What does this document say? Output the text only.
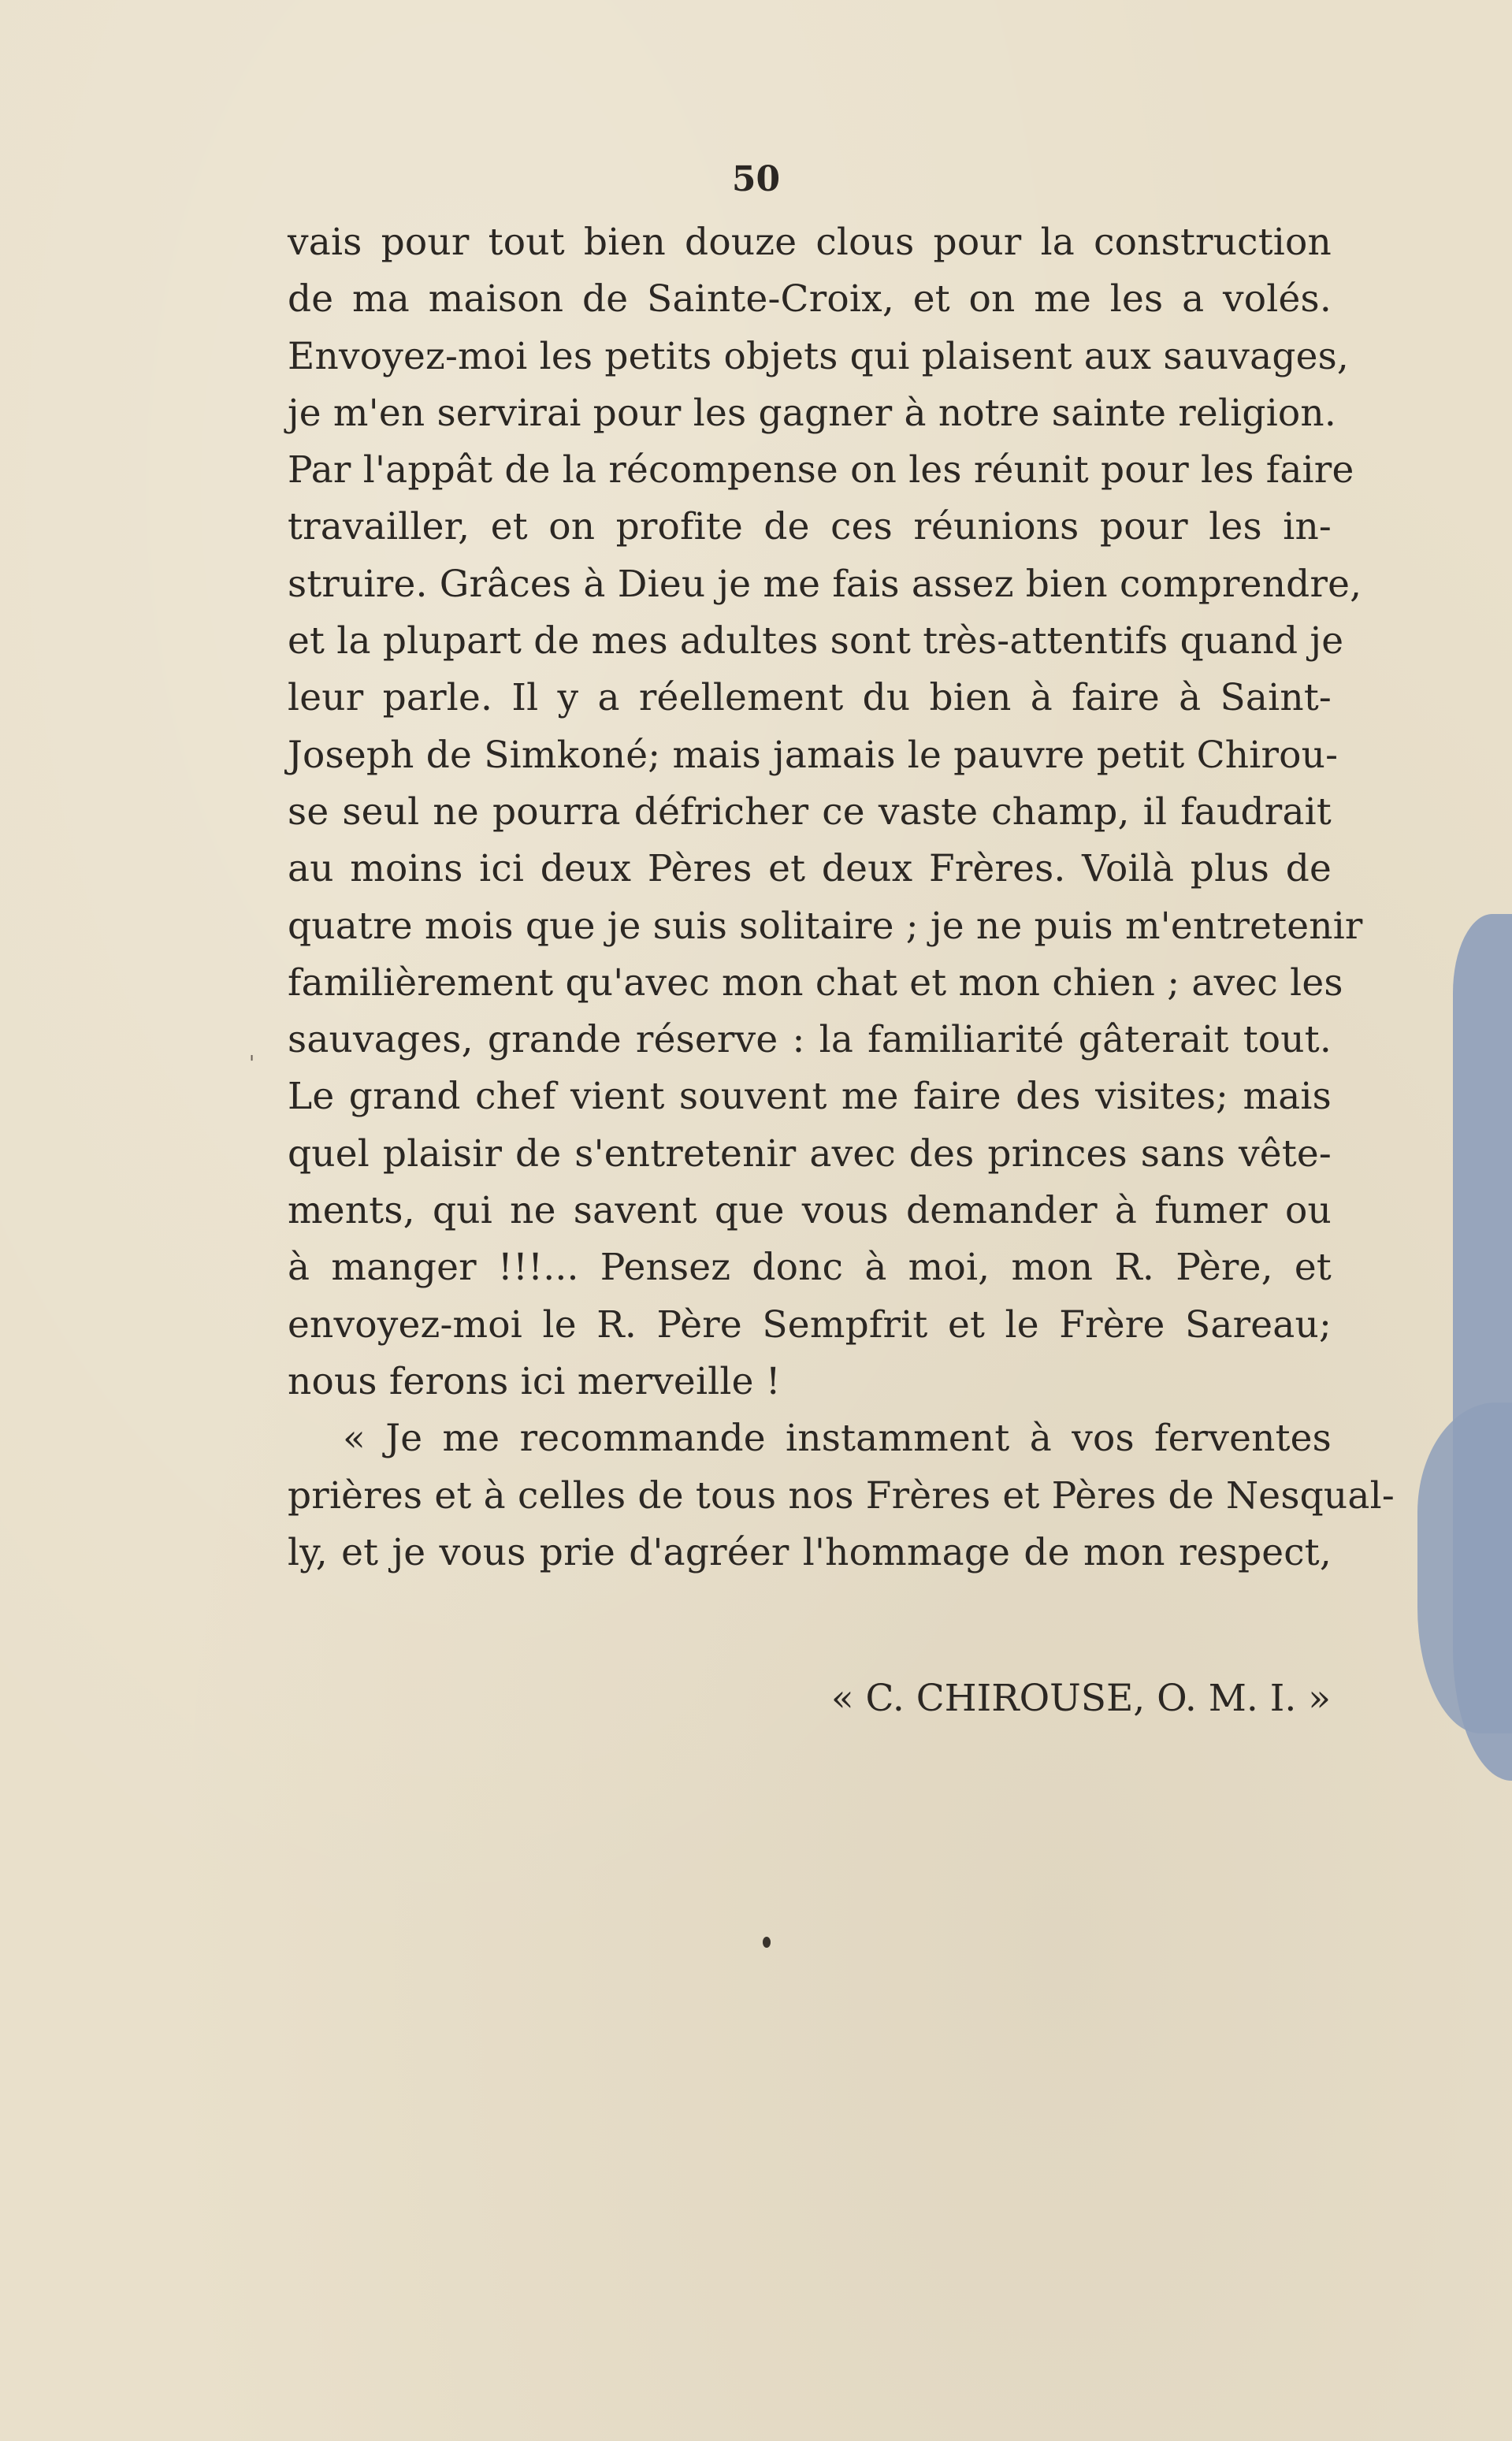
50
vais pour tout bien douze clous pour la construction
de ma maison de Sainte-Croix, et on me les a volés.
Envoyez-moi les petits objets qui plaisent aux sauvages,
je m'en servirai pour les gagner à notre sainte religion.
Par l'appât de la récompense on les réunit pour les faire
travailler, et on profite de ces réunions pour les in-
struire. Grâces à Dieu je me fais assez bien comprendre,
et la plupart de mes adultes sont très-attentifs quand je
leur parle. Il y a réellement du bien à faire à Saint-
Joseph de Simkoné; mais jamais le pauvre petit Chirou-
se seul ne pourra défricher ce vaste champ, il faudrait
au moins ici deux Pères et deux Frères. Voilà plus de
quatre mois que je suis solitaire ; je ne puis m'entretenir
familièrement qu'avec mon chat et mon chien ; avec les
sauvages, grande réserve : la familiarité gâterait tout.
Le grand chef vient souvent me faire des visites; mais
quel plaisir de s'entretenir avec des princes sans vête-
ments, qui ne savent que vous demander à fumer ou
à manger !!!... Pensez donc à moi, mon R. Père, et
envoyez-moi le R. Père Sempfrit et le Frère Sareau;
nous ferons ici merveille !
« Je me recommande instamment à vos ferventes
prières et à celles de tous nos Frères et Pères de Nesqual-
ly, et je vous prie d'agréer l'hommage de mon respect,
« C. CHIROUSE, O. M. I. »
'
